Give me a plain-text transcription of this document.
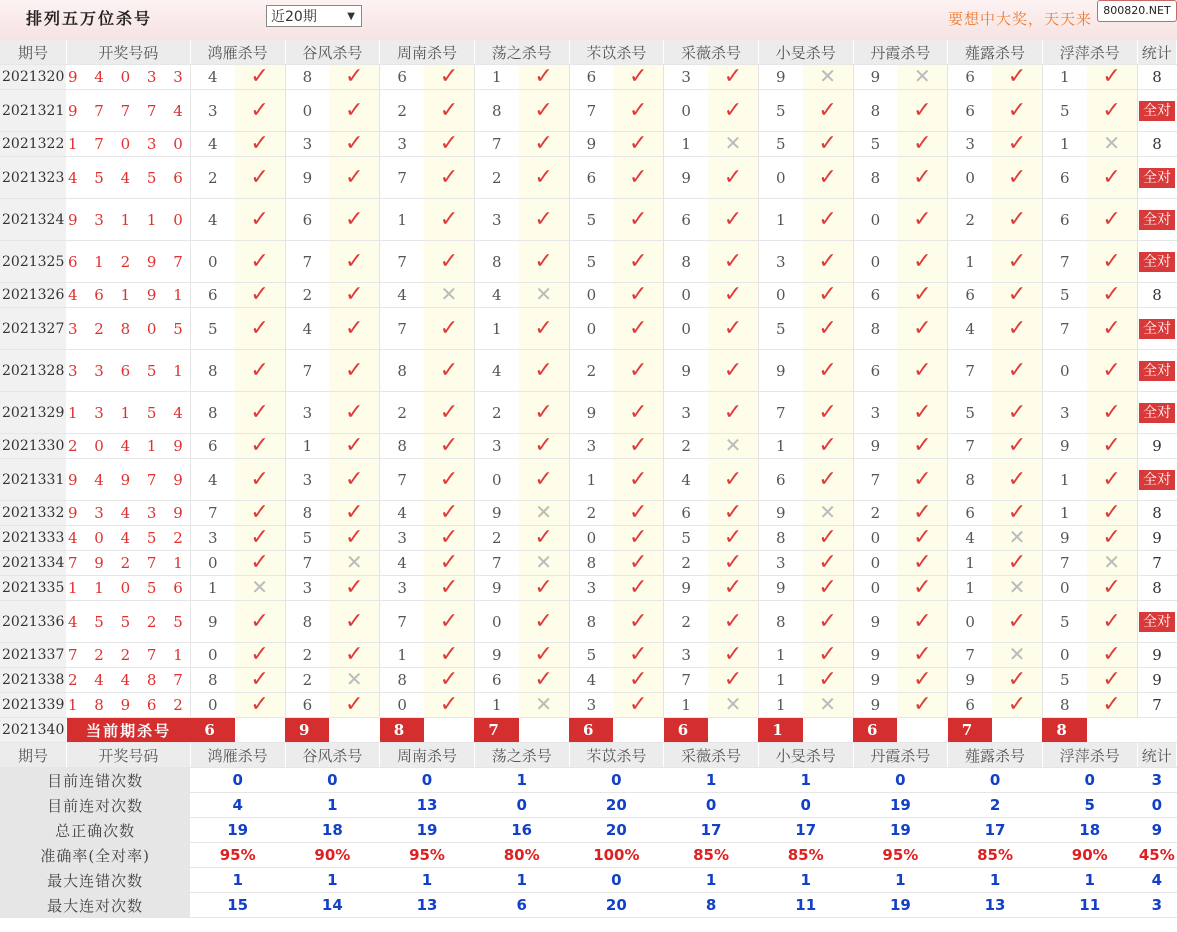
排列五万位杀号	近20期	▼	要想中大奖，天天来	800820.NET
期号	开奖号码	鸿雁杀号		谷风杀号		周南杀号		荡之杀号		芣苡杀号		采薇杀号		小旻杀号		丹霞杀号		薤露杀号		浮萍杀号		统计
2021320	9 4 0 3 3	4	✓	8	✓	6	✓	1	✓	6	✓	3	✓	9	✕	9	✕	6	✓	1	✓	8
2021321	9 7 7 7 4	3	✓	0	✓	2	✓	8	✓	7	✓	0	✓	5	✓	8	✓	6	✓	5	✓	全对
2021322	1 7 0 3 0	4	✓	3	✓	3	✓	7	✓	9	✓	1	✕	5	✓	5	✓	3	✓	1	✕	8
2021323	4 5 4 5 6	2	✓	9	✓	7	✓	2	✓	6	✓	9	✓	0	✓	8	✓	0	✓	6	✓	全对
2021324	9 3 1 1 0	4	✓	6	✓	1	✓	3	✓	5	✓	6	✓	1	✓	0	✓	2	✓	6	✓	全对
2021325	6 1 2 9 7	0	✓	7	✓	7	✓	8	✓	5	✓	8	✓	3	✓	0	✓	1	✓	7	✓	全对
2021326	4 6 1 9 1	6	✓	2	✓	4	✕	4	✕	0	✓	0	✓	0	✓	6	✓	6	✓	5	✓	8
2021327	3 2 8 0 5	5	✓	4	✓	7	✓	1	✓	0	✓	0	✓	5	✓	8	✓	4	✓	7	✓	全对
2021328	3 3 6 5 1	8	✓	7	✓	8	✓	4	✓	2	✓	9	✓	9	✓	6	✓	7	✓	0	✓	全对
2021329	1 3 1 5 4	8	✓	3	✓	2	✓	2	✓	9	✓	3	✓	7	✓	3	✓	5	✓	3	✓	全对
2021330	2 0 4 1 9	6	✓	1	✓	8	✓	3	✓	3	✓	2	✕	1	✓	9	✓	7	✓	9	✓	9
2021331	9 4 9 7 9	4	✓	3	✓	7	✓	0	✓	1	✓	4	✓	6	✓	7	✓	8	✓	1	✓	全对
2021332	9 3 4 3 9	7	✓	8	✓	4	✓	9	✕	2	✓	6	✓	9	✕	2	✓	6	✓	1	✓	8
2021333	4 0 4 5 2	3	✓	5	✓	3	✓	2	✓	0	✓	5	✓	8	✓	0	✓	4	✕	9	✓	9
2021334	7 9 2 7 1	0	✓	7	✕	4	✓	7	✕	8	✓	2	✓	3	✓	0	✓	1	✓	7	✕	7
2021335	1 1 0 5 6	1	✕	3	✓	3	✓	9	✓	3	✓	9	✓	9	✓	0	✓	1	✕	0	✓	8
2021336	4 5 5 2 5	9	✓	8	✓	7	✓	0	✓	8	✓	2	✓	8	✓	9	✓	0	✓	5	✓	全对
2021337	7 2 2 7 1	0	✓	2	✓	1	✓	9	✓	5	✓	3	✓	1	✓	9	✓	7	✕	0	✓	9
2021338	2 4 4 8 7	8	✓	2	✕	8	✓	6	✓	4	✓	7	✓	1	✓	9	✓	9	✓	5	✓	9
2021339	1 8 9 6 2	0	✓	6	✓	0	✓	1	✕	3	✓	1	✕	1	✕	9	✓	6	✓	8	✓	7
2021340	当前期杀号	6		9		8		7		6		6		1		6		7		8		
期号	开奖号码	鸿雁杀号		谷风杀号		周南杀号		荡之杀号		芣苡杀号		采薇杀号		小旻杀号		丹霞杀号		薤露杀号		浮萍杀号		统计
目前连错次数		0		0		0		1		0		1		1		0		0		0		3
目前连对次数		4		1		13		0		20		0		0		19		2		5		0
总正确次数		19		18		19		16		20		17		17		19		17		18		9
准确率(全对率)		95%		90%		95%		80%		100%		85%		85%		95%		85%		90%		45%
最大连错次数		1		1		1		1		0		1		1		1		1		1		4
最大连对次数		15		14		13		6		20		8		11		19		13		11		3
